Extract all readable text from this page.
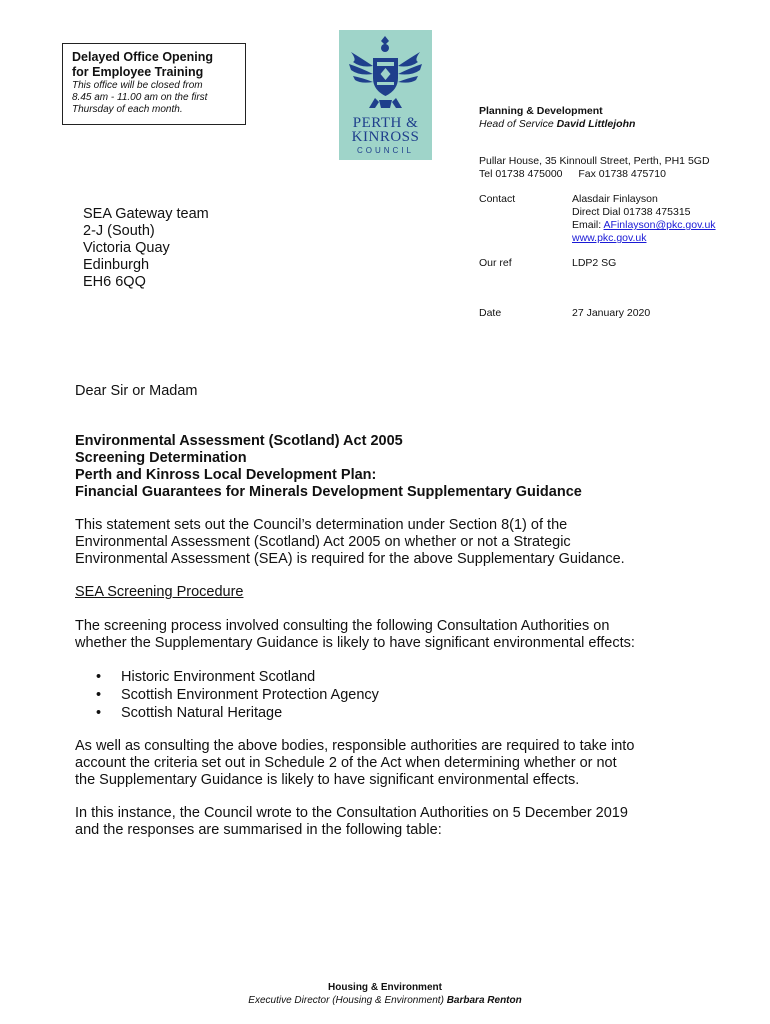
Delayed Office Opening
for Employee Training
This office will be closed from
8.45 am - 11.00 am on the first
Thursday of each month.
PERTH &
KINROSS
COUNCIL
Planning & Development
Head of Service David Littlejohn
Pullar House, 35 Kinnoull Street, Perth, PH1 5GD
Tel 01738 475000 Fax 01738 475710
Contact	Alasdair Finlayson
Direct Dial 01738 475315
Email: AFinlayson@pkc.gov.uk
www.pkc.gov.uk
Our ref	LDP2 SG
Date	27 January 2020
SEA Gateway team
2-J (South)
Victoria Quay
Edinburgh
EH6 6QQ
Dear Sir or Madam
Environmental Assessment (Scotland) Act 2005
Screening Determination
Perth and Kinross Local Development Plan:
Financial Guarantees for Minerals Development Supplementary Guidance
This statement sets out the Council’s determination under Section 8(1) of the
Environmental Assessment (Scotland) Act 2005 on whether or not a Strategic
Environmental Assessment (SEA) is required for the above Supplementary Guidance.
SEA Screening Procedure
The screening process involved consulting the following Consultation Authorities on
whether the Supplementary Guidance is likely to have significant environmental effects:
• Historic Environment Scotland
• Scottish Environment Protection Agency
• Scottish Natural Heritage
As well as consulting the above bodies, responsible authorities are required to take into
account the criteria set out in Schedule 2 of the Act when determining whether or not
the Supplementary Guidance is likely to have significant environmental effects.
In this instance, the Council wrote to the Consultation Authorities on 5 December 2019
and the responses are summarised in the following table:
Housing & Environment
Executive Director (Housing & Environment) Barbara Renton
